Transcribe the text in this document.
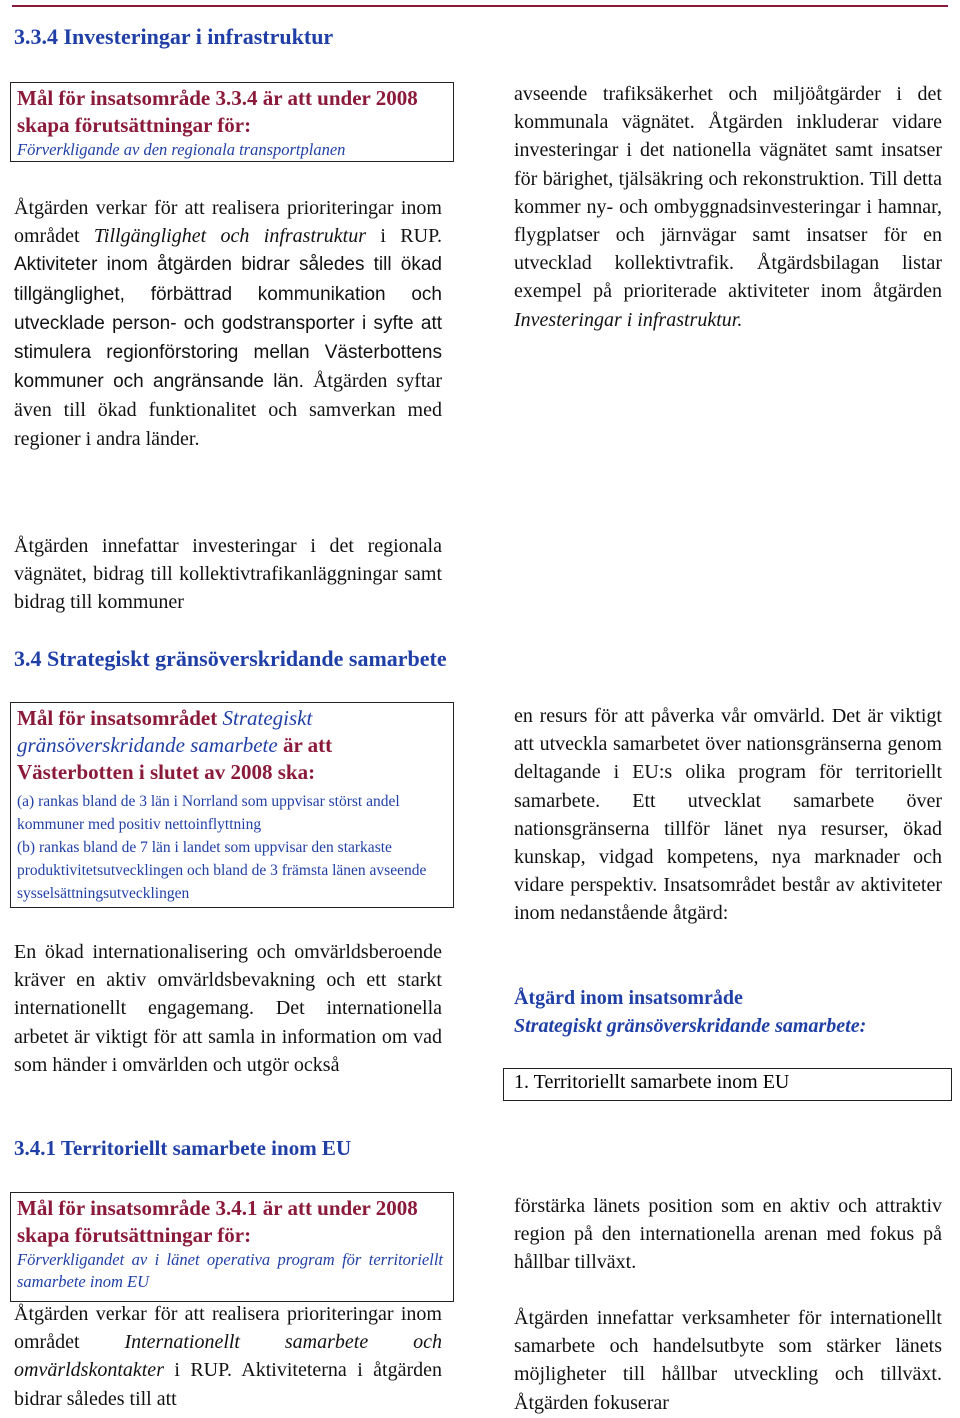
3.3.4 Investeringar i infrastruktur

Mål för insatsområde 3.3.4 är att under 2008 skapa förutsättningar för:

Förverkligande av den regionala transportplanen

Åtgärden verkar för att realisera prioriteringar inom området Tillgänglighet och infrastruktur i RUP. Aktiviteter inom åtgärden bidrar således till ökad tillgänglighet, förbättrad kommunikation och utvecklade person- och godstransporter i syfte att stimulera regionförstoring mellan Västerbottens kommuner och angränsande län. Åtgärden syftar även till ökad funktionalitet och samverkan med regioner i andra länder.

Åtgärden innefattar investeringar i det regionala vägnätet, bidrag till kollektivtrafikanläggningar samt bidrag till kommuner

avseende trafiksäkerhet och miljöåtgärder i det kommunala vägnätet. Åtgärden inkluderar vidare investeringar i det nationella vägnätet samt insatser för bärighet, tjälsäkring och rekonstruktion. Till detta kommer ny- och ombyggnadsinvesteringar i hamnar, flygplatser och järnvägar samt insatser för en utvecklad kollektivtrafik. Åtgärdsbilagan listar exempel på prioriterade aktiviteter inom åtgärden Investeringar i infrastruktur.

3.4 Strategiskt gränsöverskridande samarbete

Mål för insatsområdet Strategiskt gränsöverskridande samarbete är att Västerbotten i slutet av 2008 ska:

(a) rankas bland de 3 län i Norrland som uppvisar störst andel kommuner med positiv nettoinflyttning

(b) rankas bland de 7 län i landet som uppvisar den starkaste produktivitetsutvecklingen och bland de 3 främsta länen avseende sysselsättningsutvecklingen

En ökad internationalisering och omvärldsberoende kräver en aktiv omvärldsbevakning och ett starkt internationellt engagemang. Det internationella arbetet är viktigt för att samla in information om vad som händer i omvärlden och utgör också

en resurs för att påverka vår omvärld. Det är viktigt att utveckla samarbetet över nationsgränserna genom deltagande i EU:s olika program för territoriellt samarbete. Ett utvecklat samarbete över nationsgränserna tillför länet nya resurser, ökad kunskap, vidgad kompetens, nya marknader och vidare perspektiv. Insatsområdet består av aktiviteter inom nedanstående åtgärd:

Åtgärd inom insatsområde

Strategiskt gränsöverskridande samarbete:

1. Territoriellt samarbete inom EU
3.4.1 Territoriellt samarbete inom EU

Mål för insatsområde 3.4.1 är att under 2008 skapa förutsättningar för:

Förverkligandet av i länet operativa program för territoriellt samarbete inom EU

Åtgärden verkar för att realisera prioriteringar inom området Internationellt samarbete och omvärldskontakter i RUP. Aktiviteterna i åtgärden bidrar således till att

förstärka länets position som en aktiv och attraktiv region på den internationella arenan med fokus på hållbar tillväxt.

Åtgärden innefattar verksamheter för internationellt samarbete och handelsutbyte som stärker länets möjligheter till hållbar utveckling och tillväxt. Åtgärden fokuserar
